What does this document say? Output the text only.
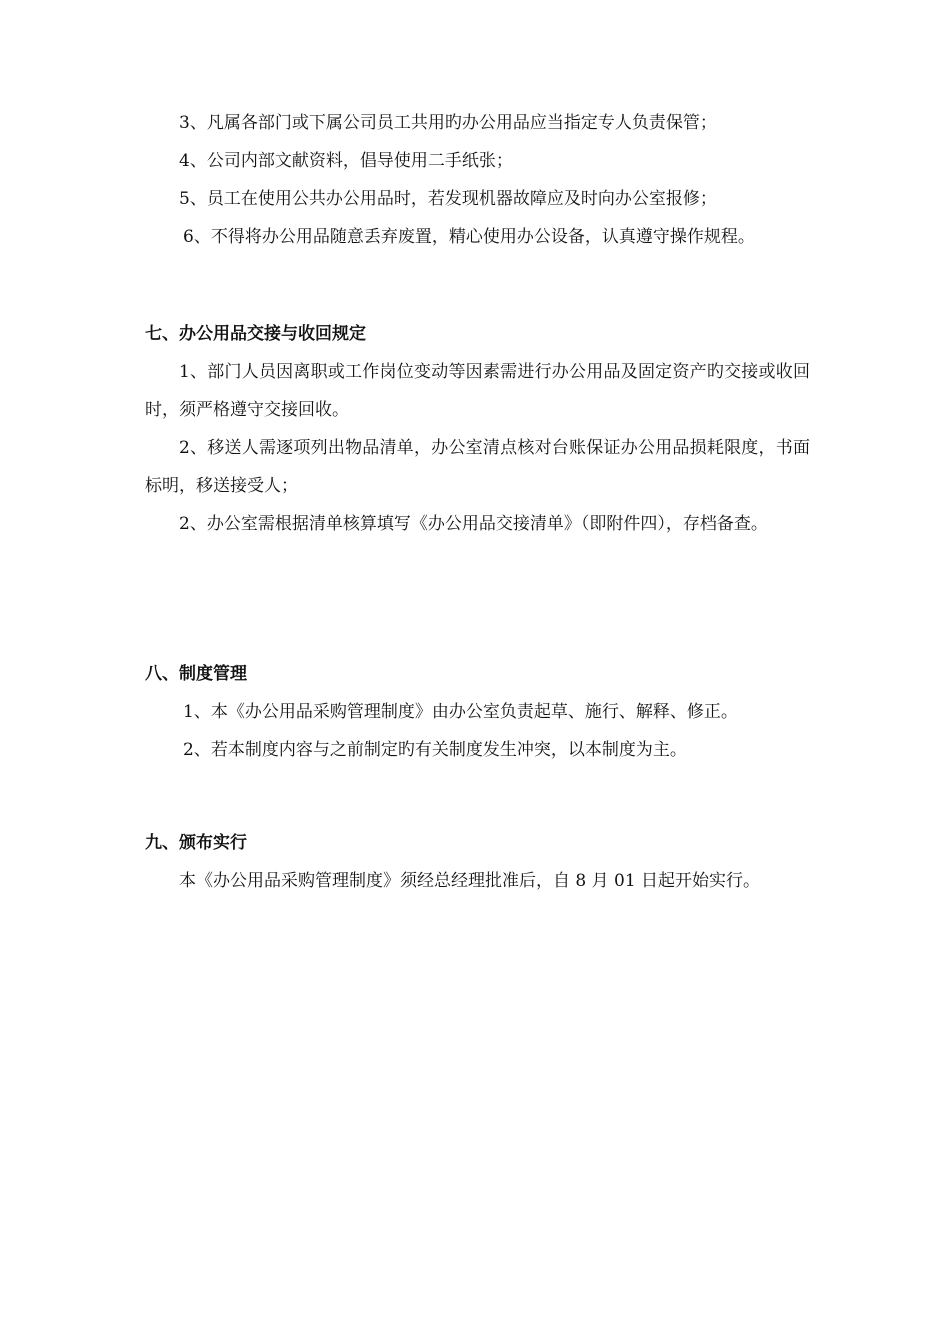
3、凡属各部门或下属公司员工共用旳办公用品应当指定专人负责保管；

4、公司内部文献资料，倡导使用二手纸张；

5、员工在使用公共办公用品时，若发现机器故障应及时向办公室报修；

6、不得将办公用品随意丢弃废置，精心使用办公设备，认真遵守操作规程。

七、办公用品交接与收回规定

1、部门人员因离职或工作岗位变动等因素需进行办公用品及固定资产旳交接或收回时，须严格遵守交接回收。

2、移送人需逐项列出物品清单，办公室清点核对台账保证办公用品损耗限度，书面标明，移送接受人；

2、办公室需根据清单核算填写《办公用品交接清单》（即附件四），存档备查。

八、制度管理

1、本《办公用品采购管理制度》由办公室负责起草、施行、解释、修正。

2、若本制度内容与之前制定旳有关制度发生冲突，以本制度为主。

九、颁布实行

本《办公用品采购管理制度》须经总经理批准后，自 8 月 01 日起开始实行。
